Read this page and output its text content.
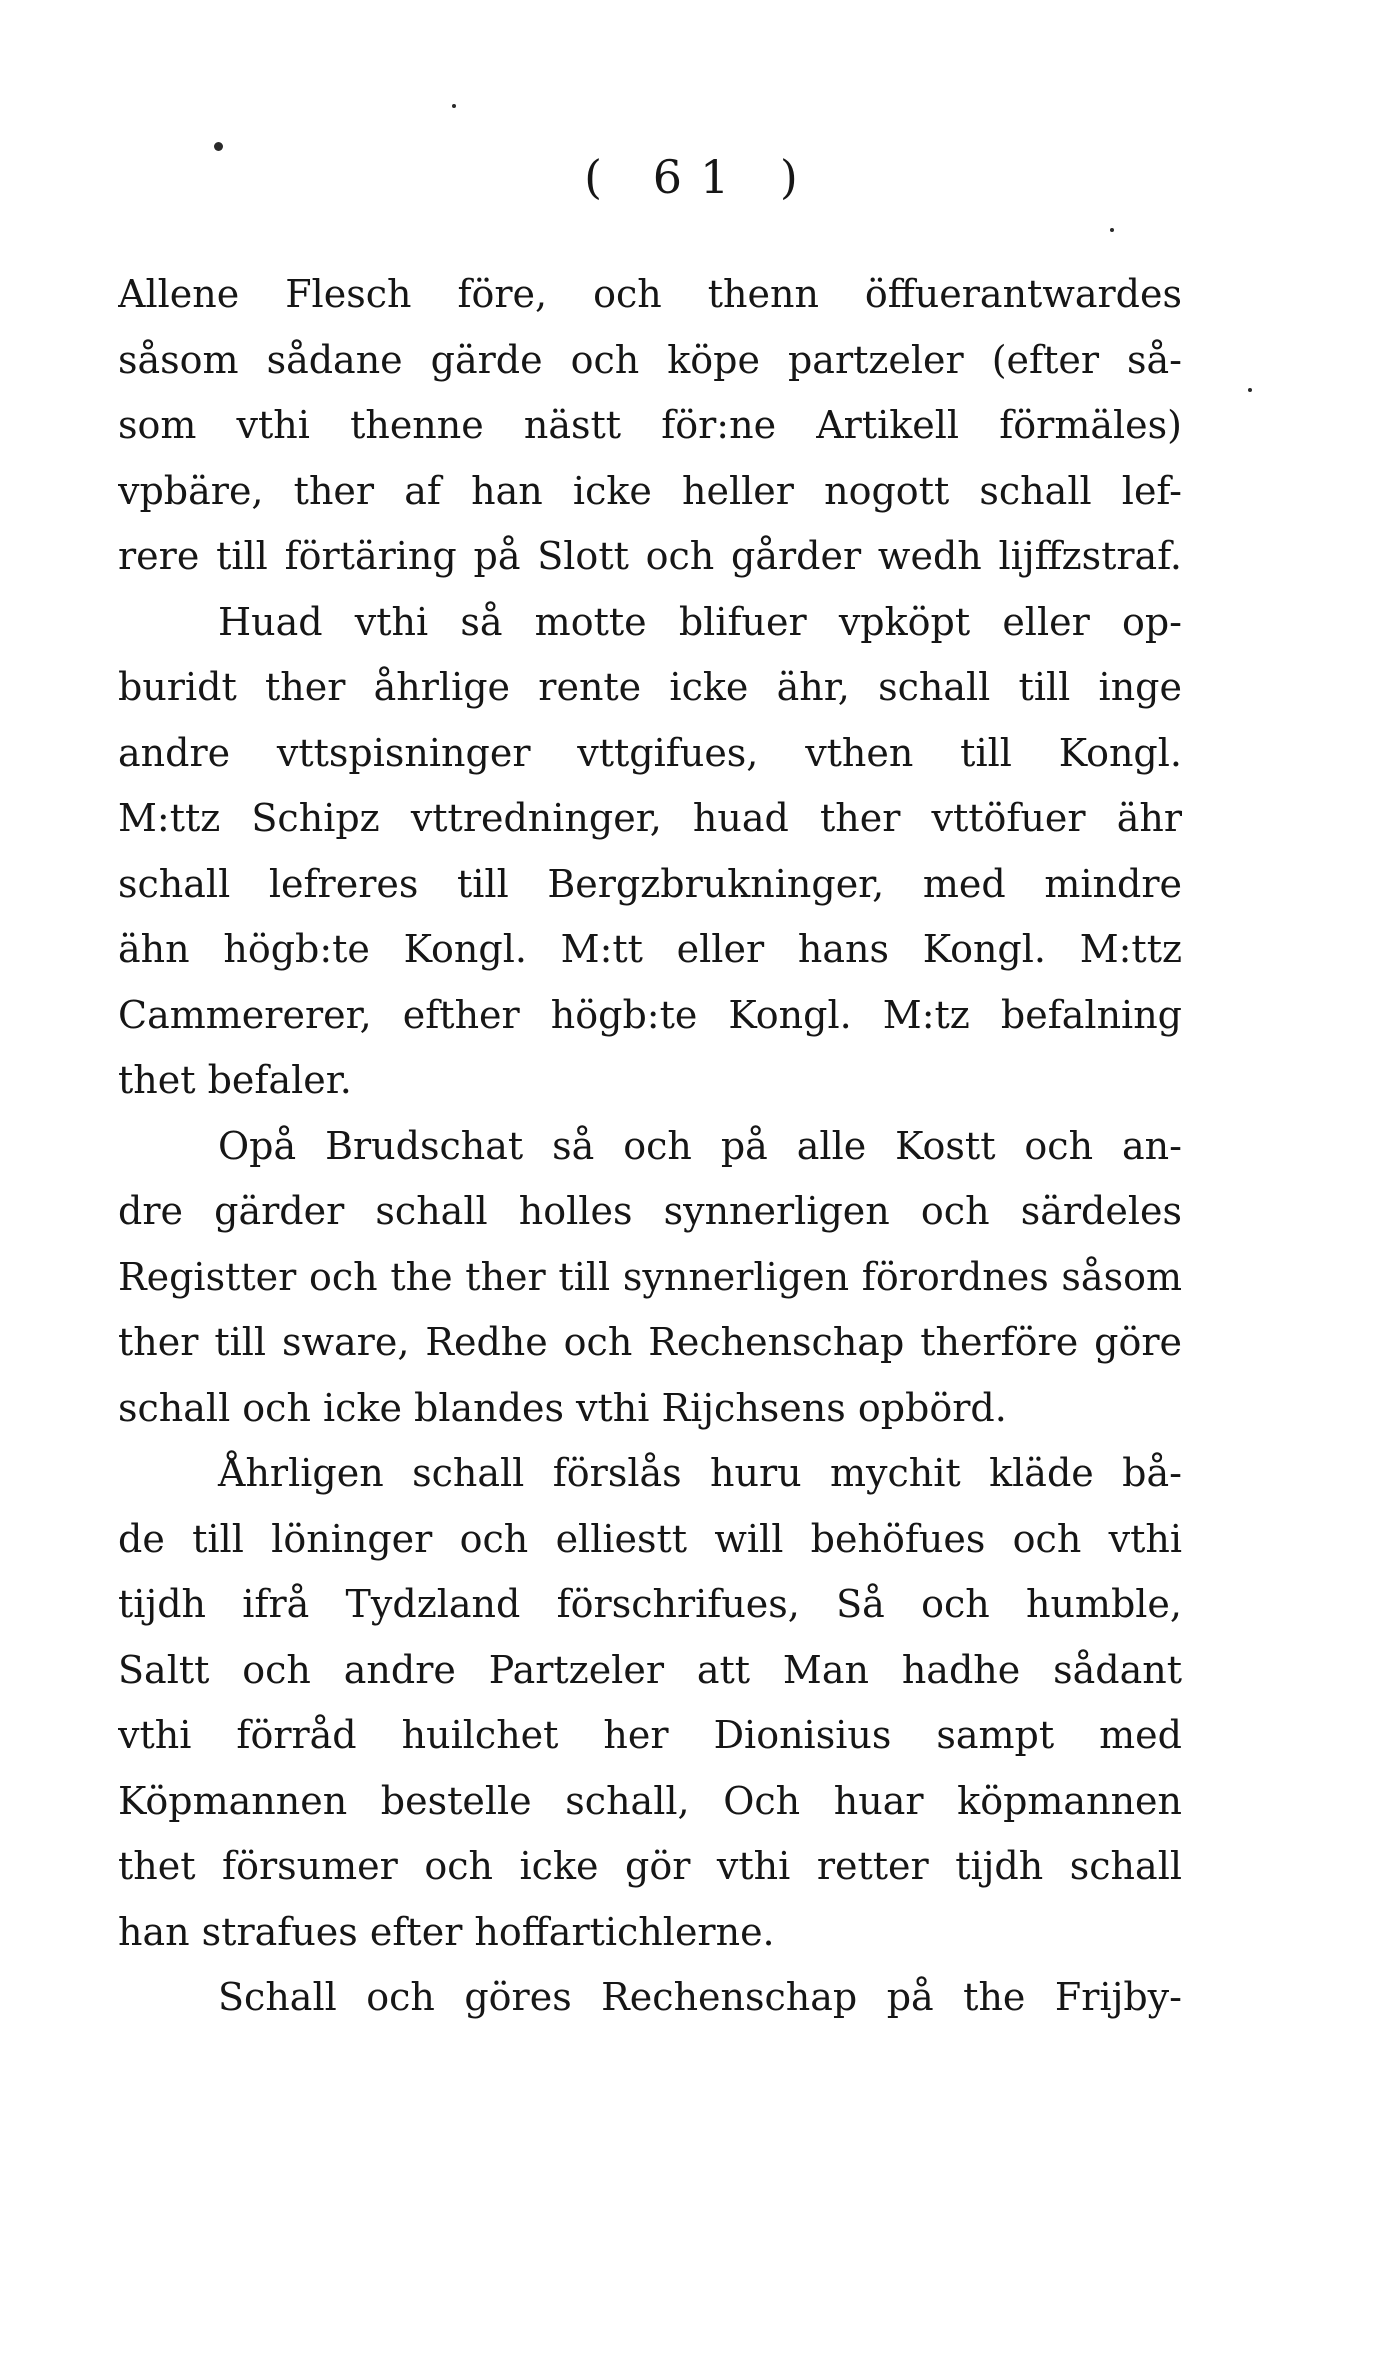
( 61 )
Allene Flesch före, och thenn öffuerantwardes
såsom sådane gärde och köpe partzeler (efter så-
som vthi thenne nästt för:ne Artikell förmäles)
vpbäre, ther af han icke heller nogott schall lef-
rere till förtäring på Slott och gårder wedh lijffzstraf.
Huad vthi så motte blifuer vpköpt eller op-
buridt ther åhrlige rente icke ähr, schall till inge
andre vttspisninger vttgifues, vthen till Kongl.
M:ttz Schipz vttredninger, huad ther vttöfuer ähr
schall lefreres till Bergzbrukninger, med mindre
ähn högb:te Kongl. M:tt eller hans Kongl. M:ttz
Cammererer, efther högb:te Kongl. M:tz befalning
thet befaler.
Opå Brudschat så och på alle Kostt och an-
dre gärder schall holles synnerligen och särdeles
Registter och the ther till synnerligen förordnes såsom
ther till sware, Redhe och Rechenschap therföre göre
schall och icke blandes vthi Rijchsens opbörd.
Åhrligen schall förslås huru mychit kläde bå-
de till löninger och elliestt will behöfues och vthi
tijdh ifrå Tydzland förschrifues, Så och humble,
Saltt och andre Partzeler att Man hadhe sådant
vthi förråd huilchet her Dionisius sampt med
Köpmannen bestelle schall, Och huar köpmannen
thet försumer och icke gör vthi retter tijdh schall
han strafues efter hoffartichlerne.
Schall och göres Rechenschap på the Frijby-
